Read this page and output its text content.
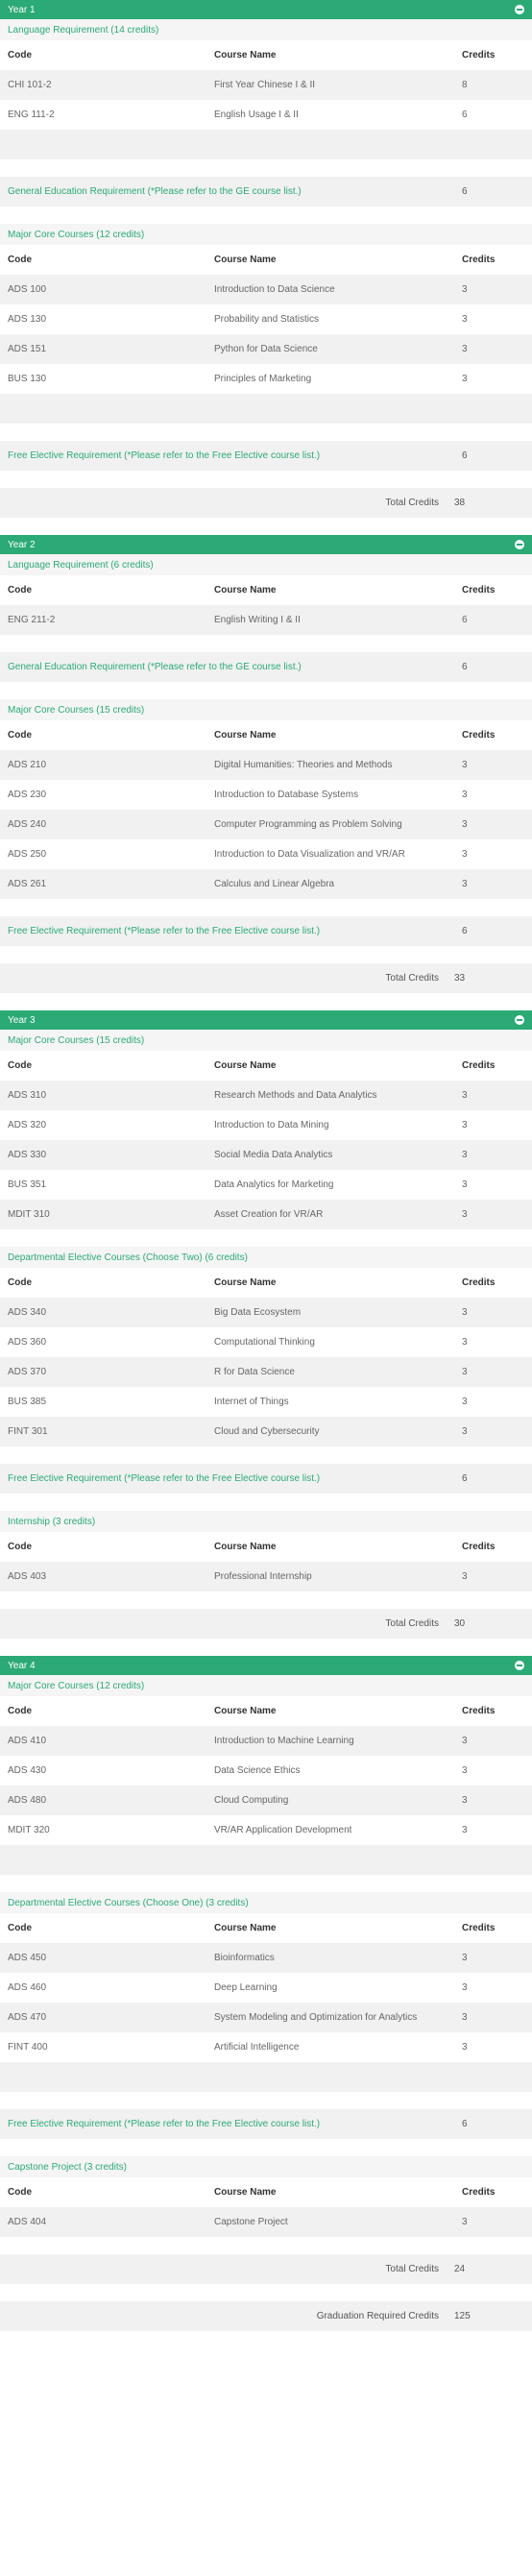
Year 1
Language Requirement (14 credits)
Code	Course Name	Credits
CHI 101-2	First Year Chinese I & II	8
ENG 111-2	English Usage I & II	6
General Education Requirement (*Please refer to the GE course list.)	6
Major Core Courses (12 credits)
Code	Course Name	Credits
ADS 100	Introduction to Data Science	3
ADS 130	Probability and Statistics	3
ADS 151	Python for Data Science	3
BUS 130	Principles of Marketing	3
Free Elective Requirement (*Please refer to the Free Elective course list.)	6
Total Credits	38
Year 2
Language Requirement (6 credits)
Code	Course Name	Credits
ENG 211-2	English Writing I & II	6
General Education Requirement (*Please refer to the GE course list.)	6
Major Core Courses (15 credits)
Code	Course Name	Credits
ADS 210	Digital Humanities: Theories and Methods	3
ADS 230	Introduction to Database Systems	3
ADS 240	Computer Programming as Problem Solving	3
ADS 250	Introduction to Data Visualization and VR/AR	3
ADS 261	Calculus and Linear Algebra	3
Free Elective Requirement (*Please refer to the Free Elective course list.)	6
Total Credits	33
Year 3
Major Core Courses (15 credits)
Code	Course Name	Credits
ADS 310	Research Methods and Data Analytics	3
ADS 320	Introduction to Data Mining	3
ADS 330	Social Media Data Analytics	3
BUS 351	Data Analytics for Marketing	3
MDIT 310	Asset Creation for VR/AR	3
Departmental Elective Courses (Choose Two) (6 credits)
Code	Course Name	Credits
ADS 340	Big Data Ecosystem	3
ADS 360	Computational Thinking	3
ADS 370	R for Data Science	3
BUS 385	Internet of Things	3
FINT 301	Cloud and Cybersecurity	3
Free Elective Requirement (*Please refer to the Free Elective course list.)	6
Internship (3 credits)
Code	Course Name	Credits
ADS 403	Professional Internship	3
Total Credits	30
Year 4
Major Core Courses (12 credits)
Code	Course Name	Credits
ADS 410	Introduction to Machine Learning	3
ADS 430	Data Science Ethics	3
ADS 480	Cloud Computing	3
MDIT 320	VR/AR Application Development	3
Departmental Elective Courses (Choose One) (3 credits)
Code	Course Name	Credits
ADS 450	Bioinformatics	3
ADS 460	Deep Learning	3
ADS 470	System Modeling and Optimization for Analytics	3
FINT 400	Artificial Intelligence	3
Free Elective Requirement (*Please refer to the Free Elective course list.)	6
Capstone Project (3 credits)
Code	Course Name	Credits
ADS 404	Capstone Project	3
Total Credits	24
Graduation Required Credits	125
